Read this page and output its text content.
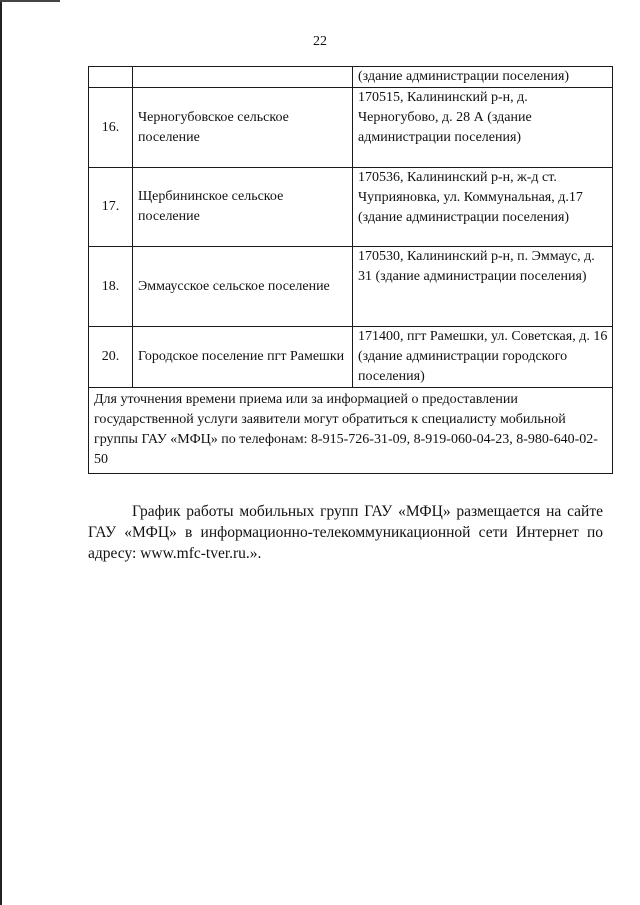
22
		(здание администрации поселения)
16.	Черногубовское сельское поселение	170515, Калининский р-н, д. Черногубово, д. 28 А (здание администрации поселения)
17.	Щербининское сельское поселение	170536, Калининский р-н, ж-д ст. Чуприяновка, ул. Коммунальная, д.17 (здание администрации поселения)
18.	Эммаусское сельское поселение	170530, Калининский р-н, п. Эммаус, д. 31 (здание администрации поселения)
20.	Городское поселение пгт Рамешки	171400, пгт Рамешки, ул. Советская, д. 16 (здание администрации городского поселения)
Для уточнения времени приема или за информацией о предоставлении государственной услуги заявители могут обратиться к специалисту мобильной группы ГАУ «МФЦ» по телефонам: 8-915-726-31-09, 8-919-060-04-23, 8-980-640-02-50		

График работы мобильных групп ГАУ «МФЦ» размещается на сайте ГАУ «МФЦ» в информационно-телекоммуникационной сети Интернет по адресу: www.mfc-tver.ru.».
